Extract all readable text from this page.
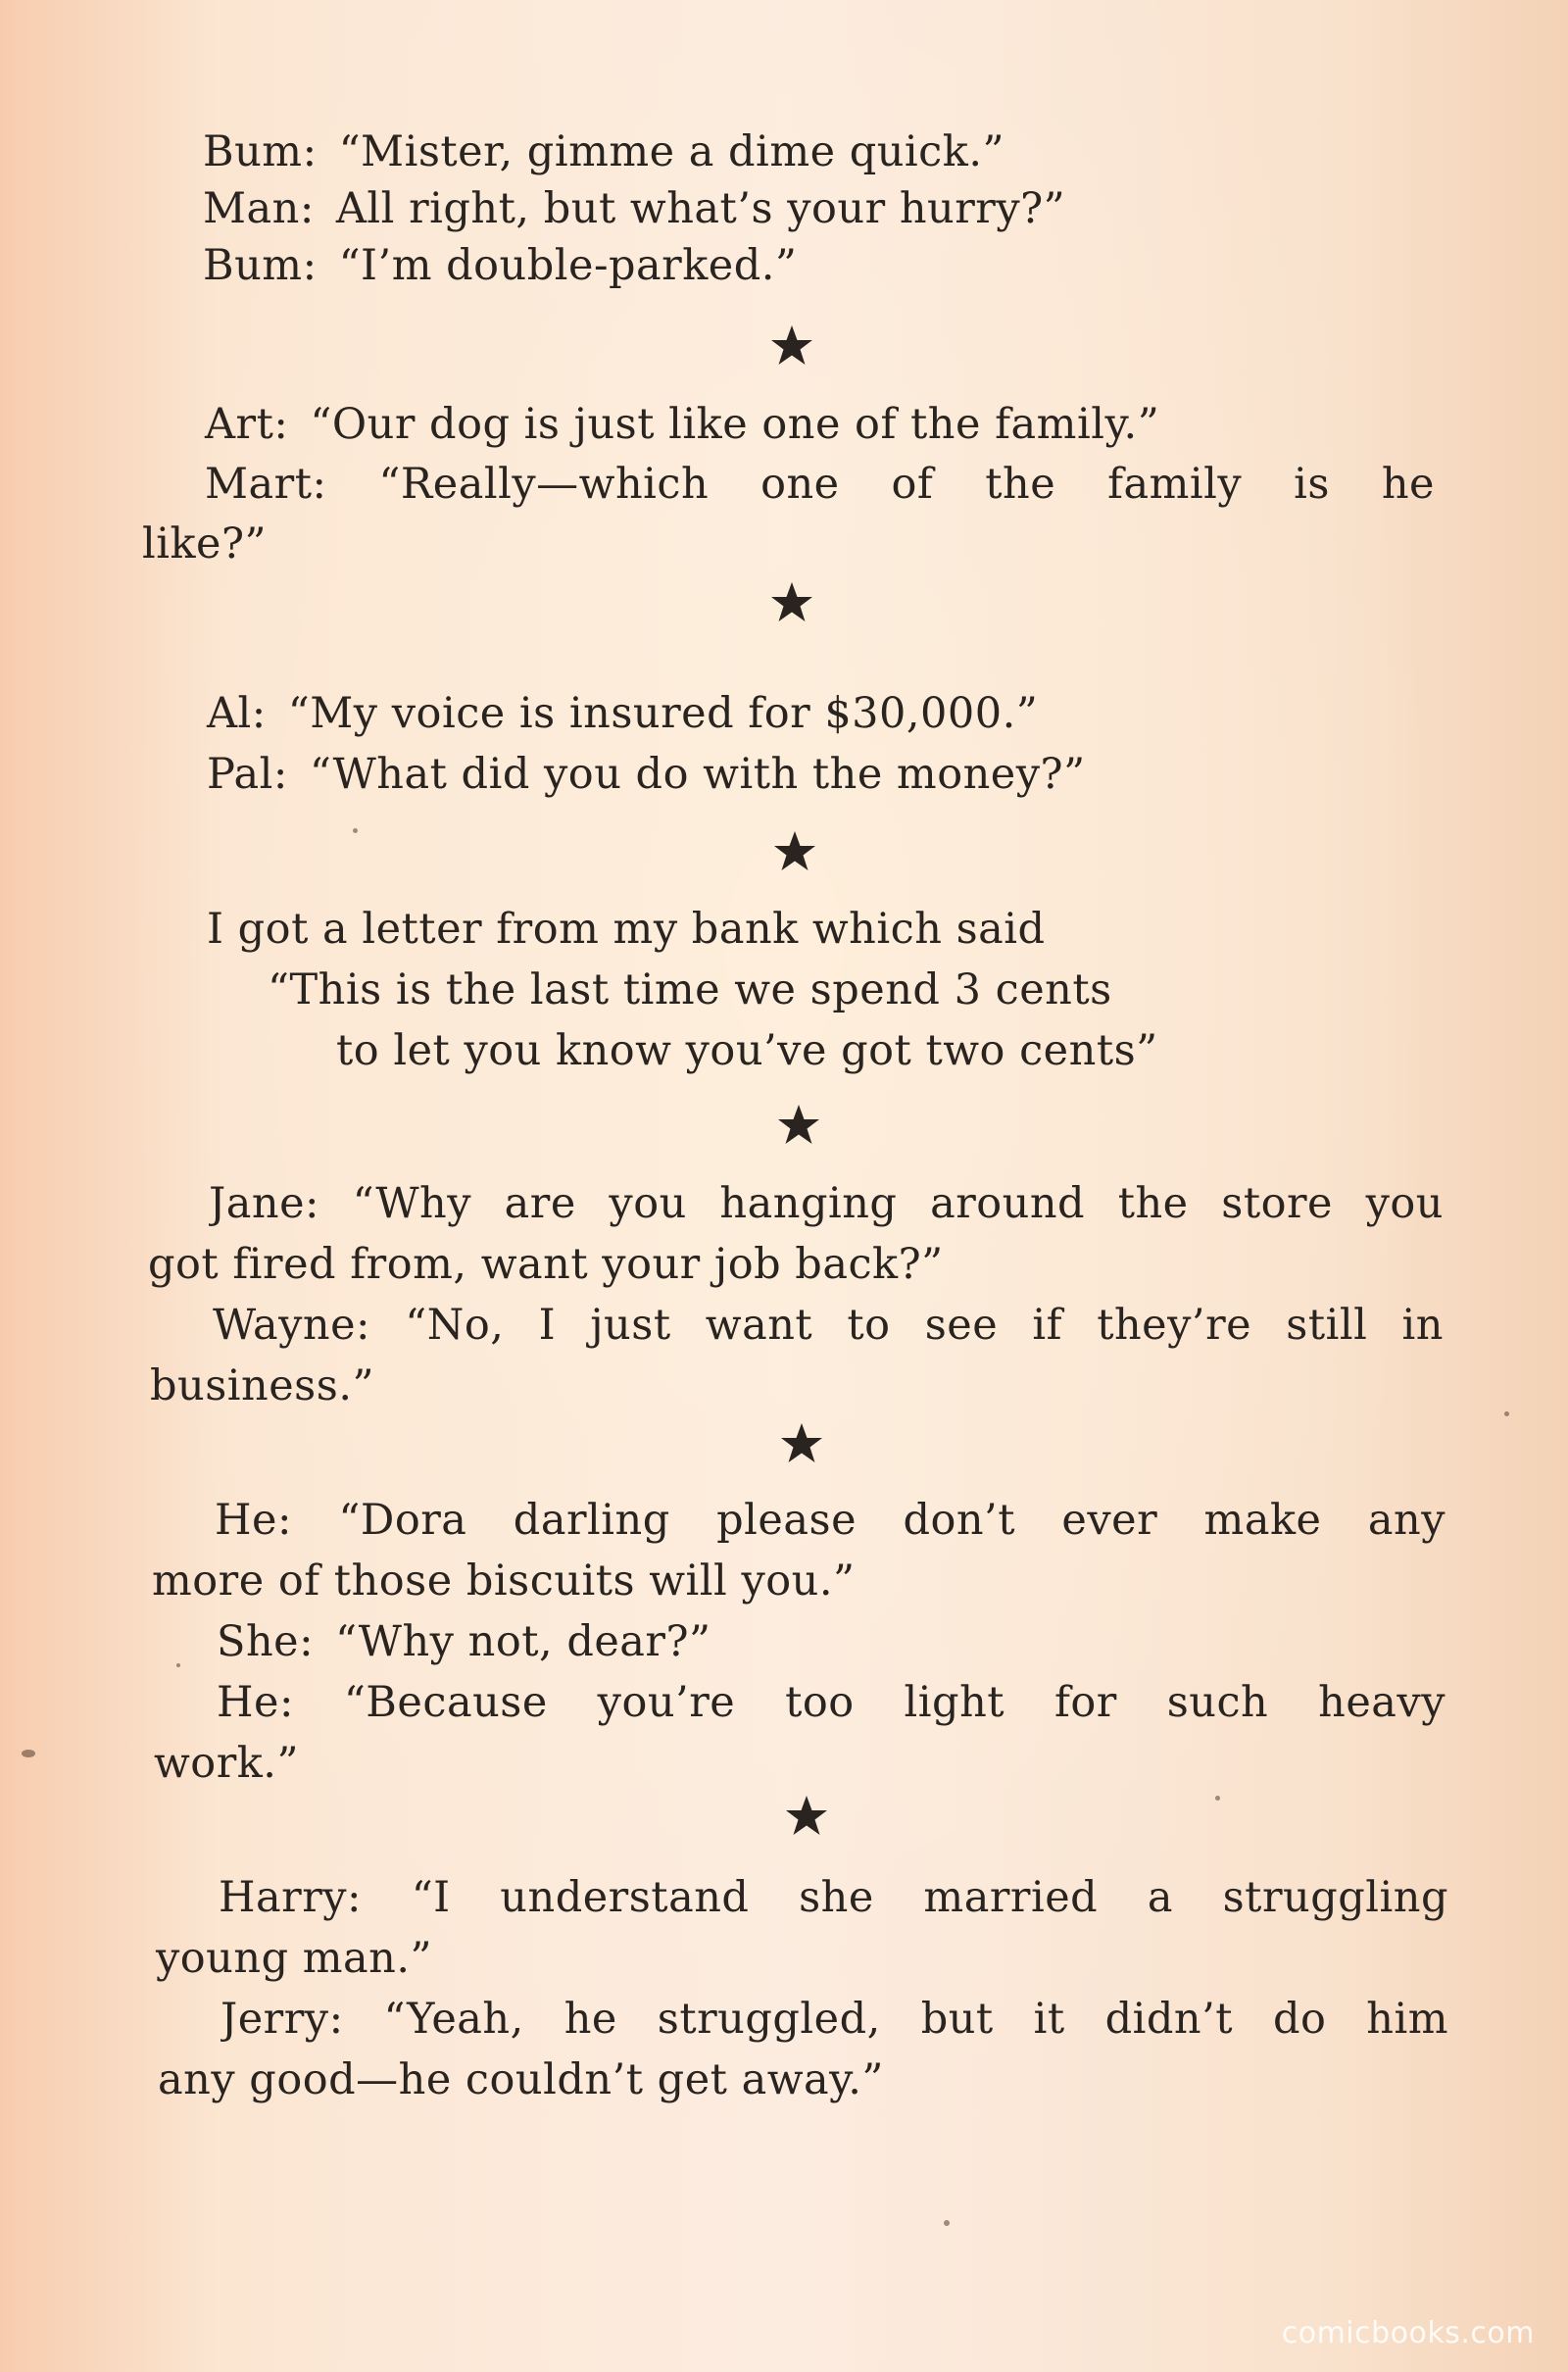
Bum: “Mister, gimme a dime quick.”
Man: All right, but what’s your hurry?”
Bum: “I’m double-parked.”
Art: “Our dog is just like one of the family.”
Mart: “Really—which one of the family is he
like?”
Al: “My voice is insured for $30,000.”
Pal: “What did you do with the money?”
I got a letter from my bank which said
“This is the last time we spend 3 cents
to let you know you’ve got two cents”
Jane: “Why are you hanging around the store you
got fired from, want your job back?”
Wayne: “No, I just want to see if they’re still in
business.”
He: “Dora darling please don’t ever make any
more of those biscuits will you.”
She: “Why not, dear?”
He: “Because you’re too light for such heavy
work.”
Harry: “I understand she married a struggling
young man.”
Jerry: “Yeah, he struggled, but it didn’t do him
any good—he couldn’t get away.”
comicbooks.com
